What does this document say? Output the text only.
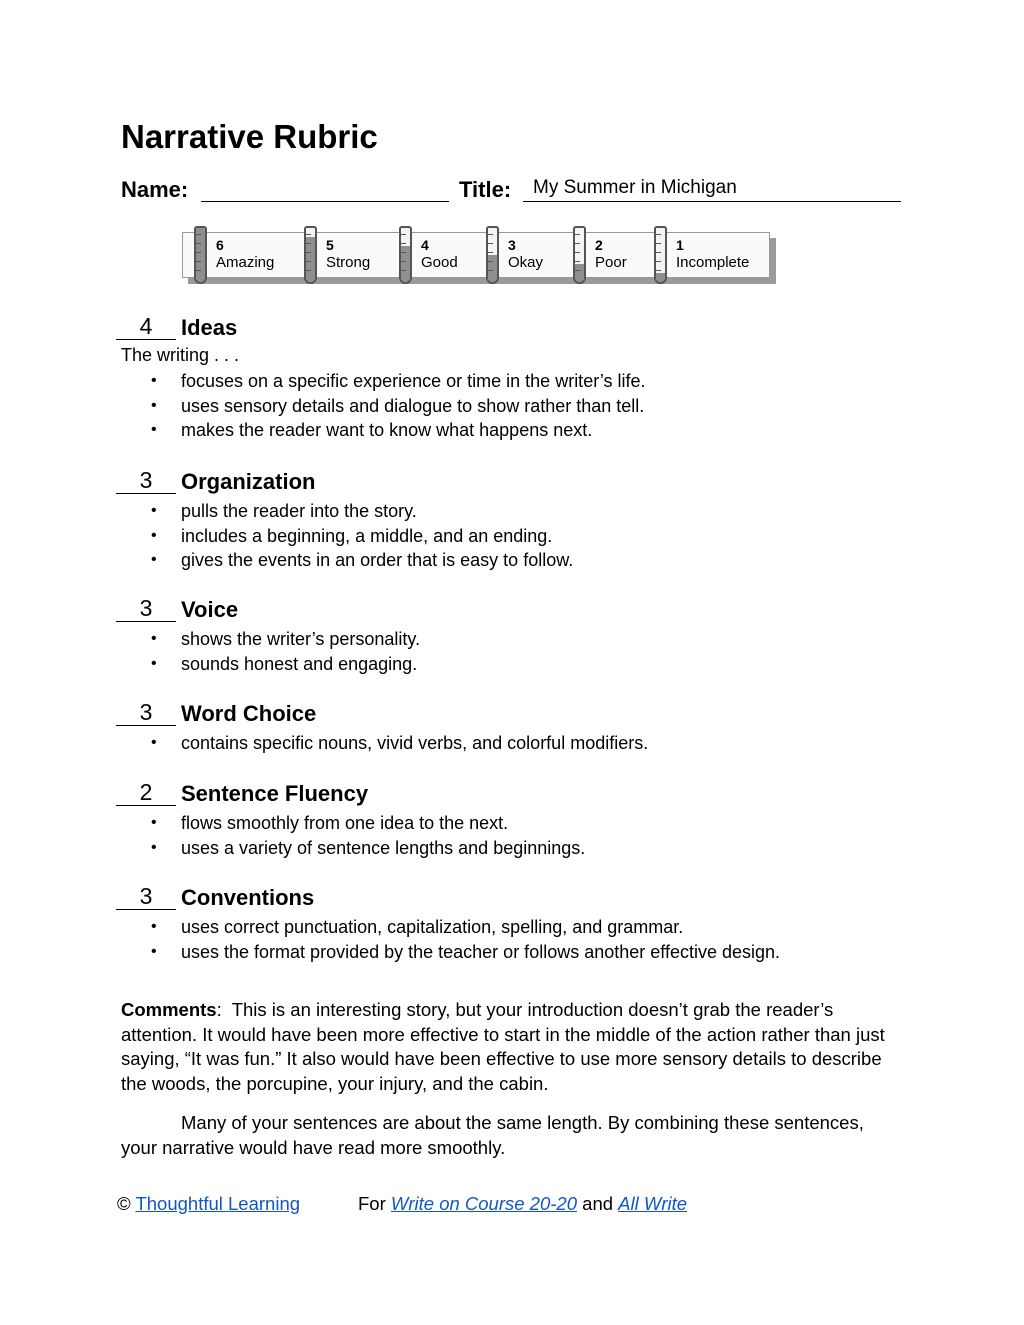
Narrative Rubric
Name:	Title: My Summer in Michigan
6
Amazing
5
Strong
4
Good
3
Okay
2
Poor
1
Incomplete
4	Ideas
The writing . . .
• focuses on a specific experience or time in the writer’s life.
• uses sensory details and dialogue to show rather than tell.
• makes the reader want to know what happens next.
3	Organization
• pulls the reader into the story.
• includes a beginning, a middle, and an ending.
• gives the events in an order that is easy to follow.
3	Voice
• shows the writer’s personality.
• sounds honest and engaging.
3	Word Choice
• contains specific nouns, vivid verbs, and colorful modifiers.
2	Sentence Fluency
• flows smoothly from one idea to the next.
• uses a variety of sentence lengths and beginnings.
3	Conventions
• uses correct punctuation, capitalization, spelling, and grammar.
• uses the format provided by the teacher or follows another effective design.

Comments:  This is an interesting story, but your introduction doesn’t grab the reader’s attention. It would have been more effective to start in the middle of the action rather than just saying, “It was fun.” It also would have been effective to use more sensory details to describe the woods, the porcupine, your injury, and the cabin.

Many of your sentences are about the same length. By combining these sentences, your narrative would have read more smoothly.

© Thoughtful Learning	For Write on Course 20-20 and All Write
